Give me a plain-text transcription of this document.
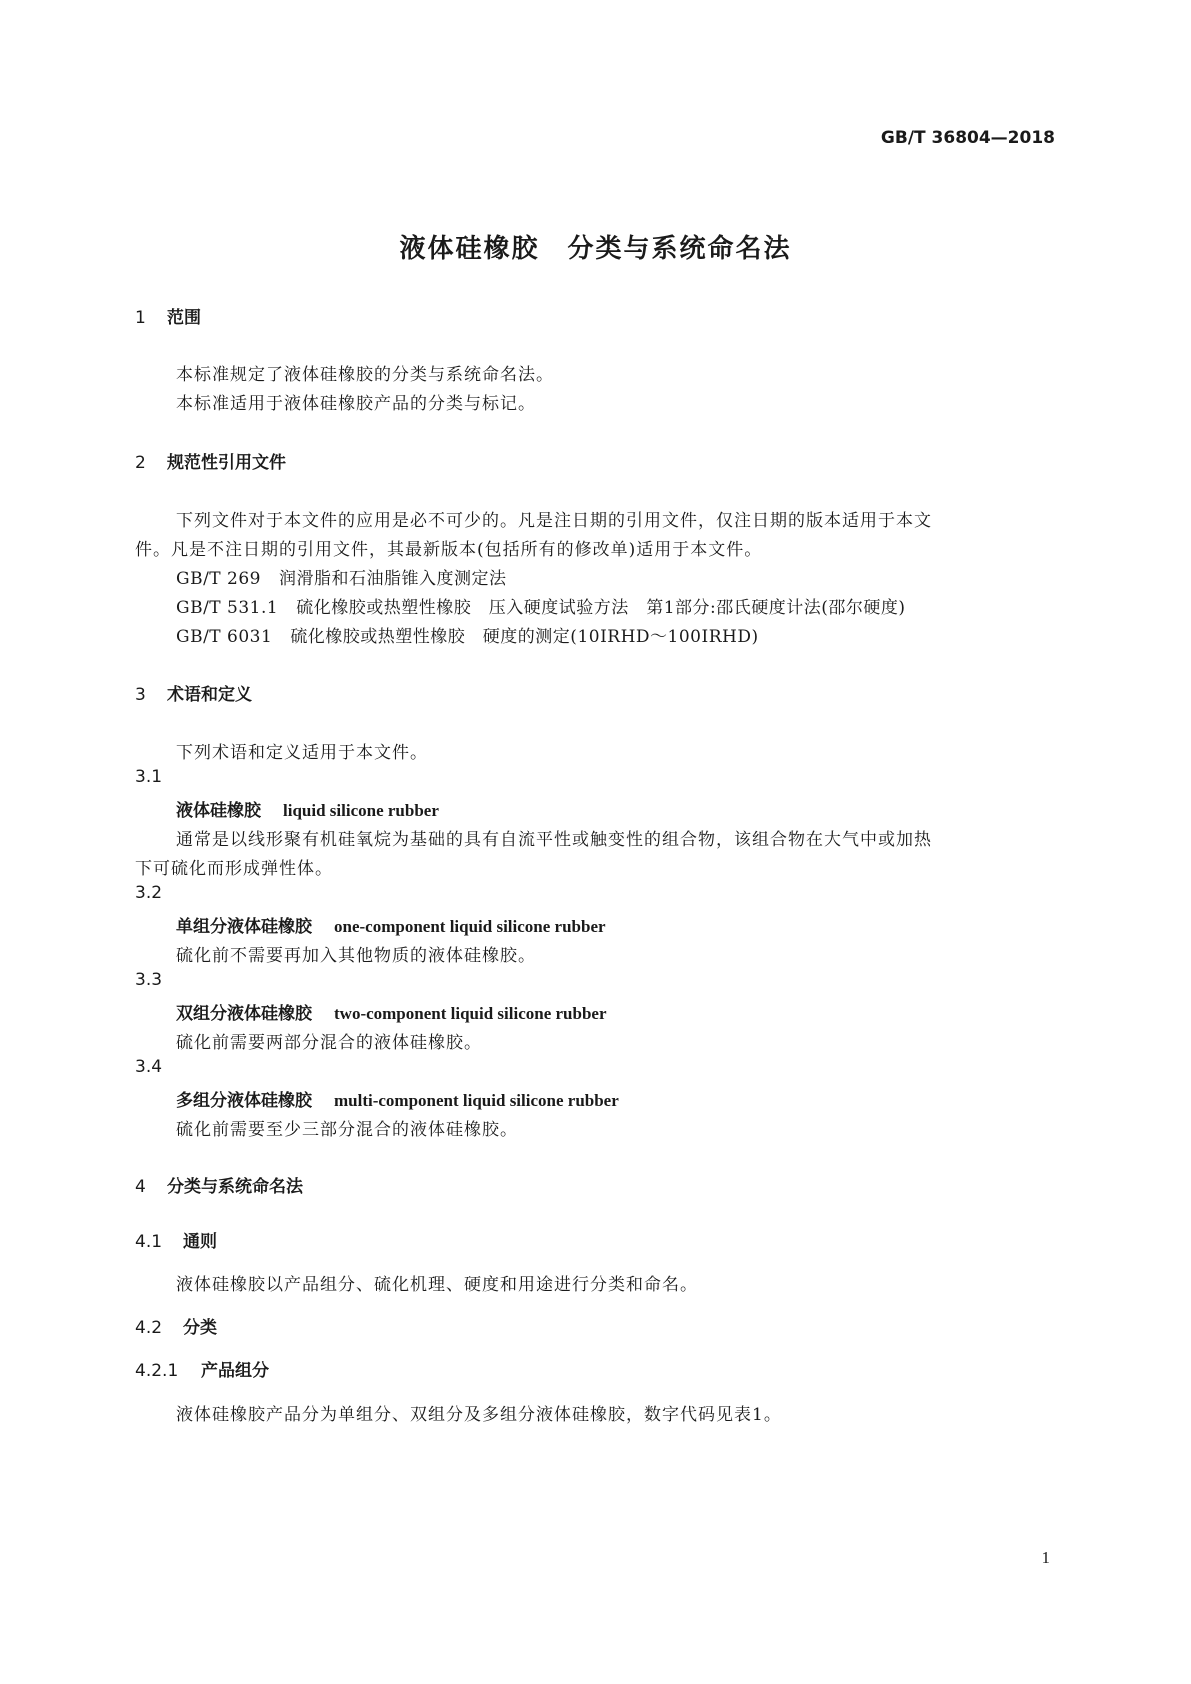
GB/T 36804—2018
液体硅橡胶　分类与系统命名法
1 范围
本标准规定了液体硅橡胶的分类与系统命名法。
本标准适用于液体硅橡胶产品的分类与标记。
2 规范性引用文件
下列文件对于本文件的应用是必不可少的。凡是注日期的引用文件，仅注日期的版本适用于本文
件。凡是不注日期的引用文件，其最新版本(包括所有的修改单)适用于本文件。
GB/T 269 润滑脂和石油脂锥入度测定法
GB/T 531.1 硫化橡胶或热塑性橡胶　压入硬度试验方法　第1部分:邵氏硬度计法(邵尔硬度)
GB/T 6031 硫化橡胶或热塑性橡胶　硬度的测定(10IRHD～100IRHD)
3 术语和定义
下列术语和定义适用于本文件。
3.1
液体硅橡胶 liquid silicone rubber
通常是以线形聚有机硅氧烷为基础的具有自流平性或触变性的组合物，该组合物在大气中或加热
下可硫化而形成弹性体。
3.2
单组分液体硅橡胶 one-component liquid silicone rubber
硫化前不需要再加入其他物质的液体硅橡胶。
3.3
双组分液体硅橡胶 two-component liquid silicone rubber
硫化前需要两部分混合的液体硅橡胶。
3.4
多组分液体硅橡胶 multi-component liquid silicone rubber
硫化前需要至少三部分混合的液体硅橡胶。
4 分类与系统命名法
4.1 通则
液体硅橡胶以产品组分、硫化机理、硬度和用途进行分类和命名。
4.2 分类
4.2.1 产品组分
液体硅橡胶产品分为单组分、双组分及多组分液体硅橡胶，数字代码见表1。
1
